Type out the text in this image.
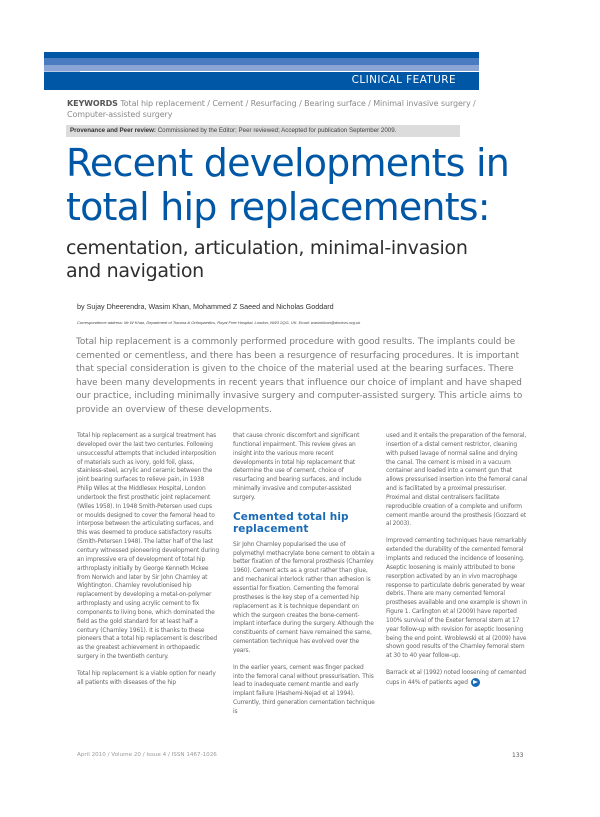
CLINICAL FEATURE
KEYWORDS Total hip replacement / Cement / Resurfacing / Bearing surface / Minimal invasive surgery / Computer-assisted surgery
Provenance and Peer review: Commissioned by the Editor; Peer reviewed; Accepted for publication September 2009.
Recent developments in
total hip replacements:
cementation, articulation, minimal-invasion
and navigation
by Sujay Dheerendra, Wasim Khan, Mohammed Z Saeed and Nicholas Goddard
Correspondence address: Mr W Khan, Department of Trauma & Orthopaedics, Royal Free Hospital, London, NW3 2QG, UK. Email: wasimkhan@doctors.org.uk
Total hip replacement is a commonly performed procedure with good results. The implants could be cemented or cementless, and there has been a resurgence of resurfacing procedures. It is important that special consideration is given to the choice of the material used at the bearing surfaces. There have been many developments in recent years that influence our choice of implant and have shaped our practice, including minimally invasive surgery and computer-assisted surgery. This article aims to provide an overview of these developments.

Total hip replacement as a surgical treatment has developed over the last two centuries. Following unsuccessful attempts that included interposition of materials such as ivory, gold foil, glass, stainless-steel, acrylic and ceramic between the joint bearing surfaces to relieve pain, in 1938 Philip Wiles at the Middlesex Hospital, London undertook the first prosthetic joint replacement (Wiles 1958). In 1948 Smith-Petersen used cups or moulds designed to cover the femoral head to interpose between the articulating surfaces, and this was deemed to produce satisfactory results (Smith-Petersen 1948). The latter half of the last century witnessed pioneering development during an impressive era of development of total hip arthroplasty initially by George Kenneth Mckee from Norwich and later by Sir John Charnley at Wightington. Charnley revolutionised hip replacement by developing a metal-on-polymer arthroplasty and using acrylic cement to fix components to living bone, which dominated the field as the gold standard for at least half a century (Charnley 1961). It is thanks to these pioneers that a total hip replacement is described as the greatest achievement in orthopaedic surgery in the twentieth century.

Total hip replacement is a viable option for nearly all patients with diseases of the hip

that cause chronic discomfort and significant functional impairment. This review gives an insight into the various more recent developments in total hip replacement that determine the use of cement, choice of resurfacing and bearing surfaces, and include minimally invasive and computer-assisted surgery.

Cemented total hip replacement

Sir John Charnley popularised the use of polymethyl methacrylate bone cement to obtain a better fixation of the femoral prosthesis (Charnley 1960). Cement acts as a grout rather than glue, and mechanical interlock rather than adhesion is essential for fixation. Cementing the femoral prostheses is the key step of a cemented hip replacement as it is technique dependant on which the surgeon creates the bone-cement-implant interface during the surgery. Although the constituents of cement have remained the same, cementation technique has evolved over the years.

In the earlier years, cement was finger packed into the femoral canal without pressurisation. This lead to inadequate cement mantle and early implant failure (Hashemi-Nejad et al 1994). Currently, third generation cementation technique is

used and it entails the preparation of the femoral, insertion of a distal cement restrictor, cleaning with pulsed lavage of normal saline and drying the canal. The cement is mixed in a vacuum container and loaded into a cement gun that allows pressurised insertion into the femoral canal and is facilitated by a proximal pressuriser. Proximal and distal centralisers facilitate reproducible creation of a complete and uniform cement mantle around the prosthesis (Gozzard et al 2003).

Improved cementing techniques have remarkably extended the durability of the cemented femoral implants and reduced the incidence of loosening. Aseptic loosening is mainly attributed to bone resorption activated by an in vivo macrophage response to particulate debris generated by wear debris. There are many cemented femoral prostheses available and one example is shown in Figure 1. Carlington et al (2009) have reported 100% survival of the Exeter femoral stem at 17 year follow-up with revision for aseptic loosening being the end point. Wroblewski et al (2009) have shown good results of the Charnley femoral stem at 30 to 40 year follow-up.

Barrack et al (1992) noted loosening of cemented cups in 44% of patients aged

April 2010 / Volume 20 / Issue 4 / ISSN 1467-1026	133
